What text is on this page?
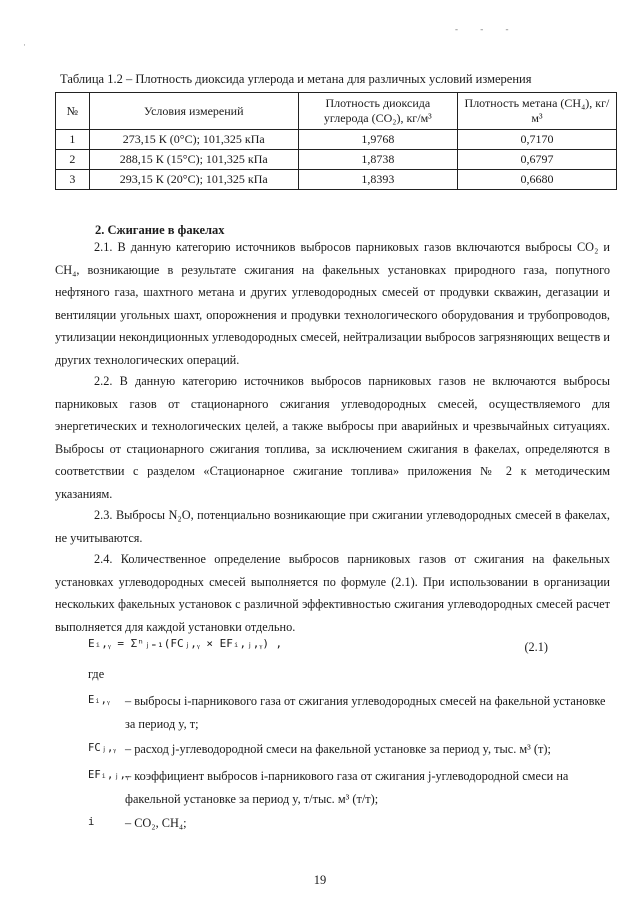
- - -
·
Таблица 1.2 – Плотность диоксида углерода и метана для различных условий измерения
№	Условия измерений	Плотность диоксида углерода (CO₂), кг/м³	Плотность метана (CH₄), кг/м³
1	273,15 К (0°C); 101,325 кПа	1,9768	0,7170
2	288,15 К (15°C); 101,325 кПа	1,8738	0,6797
3	293,15 К (20°C); 101,325 кПа	1,8393	0,6680
2. Сжигание в факелах
2.1. В данную категорию источников выбросов парниковых газов включаются выбросы CO₂ и CH₄, возникающие в результате сжигания на факельных установках природного газа, попутного нефтяного газа, шахтного метана и других углеводородных смесей от продувки скважин, дегазации и вентиляции угольных шахт, опорожнения и продувки технологического оборудования и трубопроводов, утилизации некондиционных углеводородных смесей, нейтрализации выбросов загрязняющих веществ и других технологических операций.
2.2. В данную категорию источников выбросов парниковых газов не включаются выбросы парниковых газов от стационарного сжигания углеводородных смесей, осуществляемого для энергетических и технологических целей, а также выбросы при аварийных и чрезвычайных ситуациях. Выбросы от стационарного сжигания топлива, за исключением сжигания в факелах, определяются в соответствии с разделом «Стационарное сжигание топлива» приложения № 2 к методическим указаниям.
2.3. Выбросы N₂O, потенциально возникающие при сжигании углеводородных смесей в факелах, не учитываются.
2.4. Количественное определение выбросов парниковых газов от сжигания на факельных установках углеводородных смесей выполняется по формуле (2.1). При использовании в организации нескольких факельных установок с различной эффективностью сжигания углеводородных смесей расчет выполняется для каждой установки отдельно.
Eᵢ,ᵧ = Σⁿⱼ₌₁(FCⱼ,ᵧ × EFᵢ,ⱼ,ᵧ) ,	(2.1)
где
Eᵢ,ᵧ – выбросы i-парникового газа от сжигания углеводородных смесей на факельной установке за период y, т;
FCⱼ,ᵧ – расход j-углеводородной смеси на факельной установке за период y, тыс. м³ (т);
EFᵢ,ⱼ,ᵧ
– коэффициент выбросов i-парникового газа от сжигания j-углеводородной смеси на факельной установке за период y, т/тыс. м³ (т/т);
i – CO₂, CH₄;
19
